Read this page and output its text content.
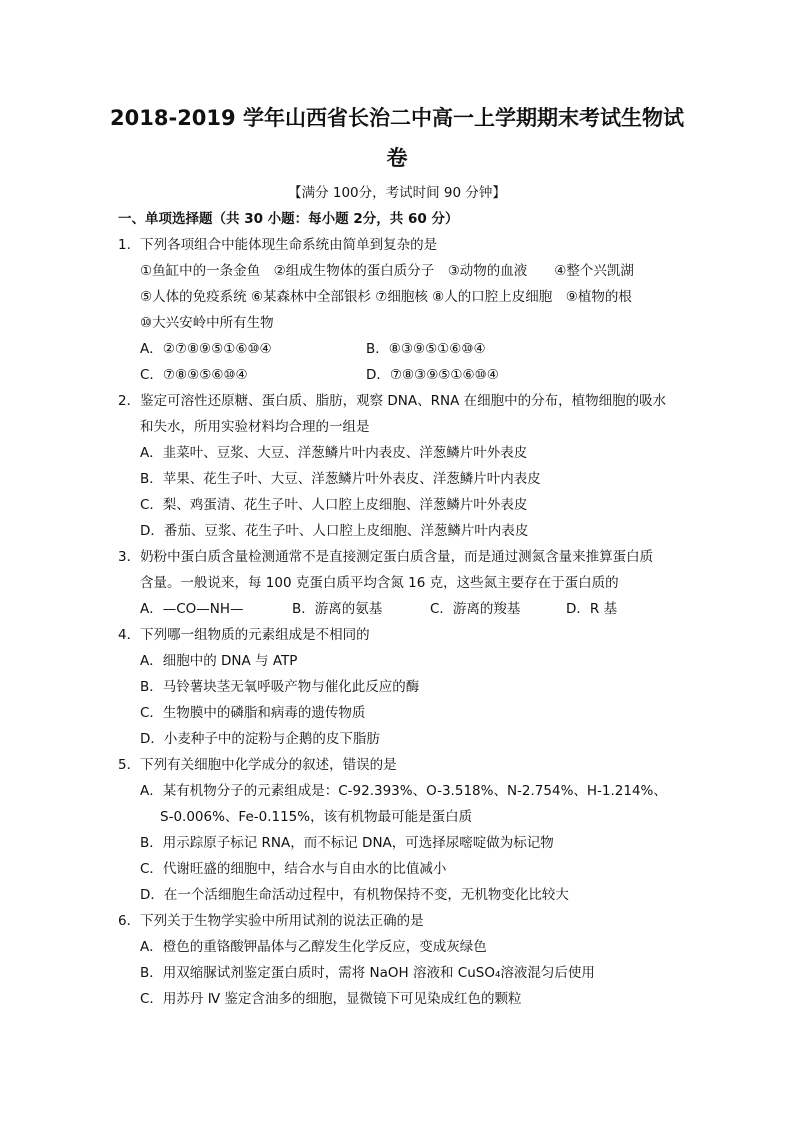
2018-2019 学年山西省长治二中高一上学期期末考试生物试
卷
【满分 100分，考试时间 90 分钟】
一、单项选择题（共 30 小题：每小题 2分，共 60 分）
1．下列各项组合中能体现生命系统由简单到复杂的是
①鱼缸中的一条金鱼　②组成生物体的蛋白质分子　③动物的血液　　④整个兴凯湖
⑤人体的免疫系统 ⑥某森林中全部银杉 ⑦细胞核 ⑧人的口腔上皮细胞　⑨植物的根
⑩大兴安岭中所有生物
A．②⑦⑧⑨⑤①⑥⑩④	B．⑧③⑨⑤①⑥⑩④
C．⑦⑧⑨⑤⑥⑩④	D．⑦⑧③⑨⑤①⑥⑩④
2．鉴定可溶性还原糖、蛋白质、脂肪，观察 DNA、RNA 在细胞中的分布，植物细胞的吸水
和失水，所用实验材料均合理的一组是
A．韭菜叶、豆浆、大豆、洋葱鳞片叶内表皮、洋葱鳞片叶外表皮
B．苹果、花生子叶、大豆、洋葱鳞片叶外表皮、洋葱鳞片叶内表皮
C．梨、鸡蛋清、花生子叶、人口腔上皮细胞、洋葱鳞片叶外表皮
D．番茄、豆浆、花生子叶、人口腔上皮细胞、洋葱鳞片叶内表皮
3．奶粉中蛋白质含量检测通常不是直接测定蛋白质含量，而是通过测氮含量来推算蛋白质
含量。一般说来，每 100 克蛋白质平均含氮 16 克，这些氮主要存在于蛋白质的
A．—CO—NH—	B．游离的氨基	C．游离的羧基	D．R 基
4．下列哪一组物质的元素组成是不相同的
A．细胞中的 DNA 与 ATP
B．马铃薯块茎无氧呼吸产物与催化此反应的酶
C．生物膜中的磷脂和病毒的遗传物质
D．小麦种子中的淀粉与企鹅的皮下脂肪
5．下列有关细胞中化学成分的叙述，错误的是
A．某有机物分子的元素组成是：C-92.393%、O-3.518%、N-2.754%、H-1.214%、
S-0.006%、Fe-0.115%，该有机物最可能是蛋白质
B．用示踪原子标记 RNA，而不标记 DNA，可选择尿嘧啶做为标记物
C．代谢旺盛的细胞中，结合水与自由水的比值减小
D．在一个活细胞生命活动过程中，有机物保持不变，无机物变化比较大
6．下列关于生物学实验中所用试剂的说法正确的是
A．橙色的重铬酸钾晶体与乙醇发生化学反应，变成灰绿色
B．用双缩脲试剂鉴定蛋白质时，需将 NaOH 溶液和 CuSO₄溶液混匀后使用
C．用苏丹 Ⅳ 鉴定含油多的细胞，显微镜下可见染成红色的颗粒
